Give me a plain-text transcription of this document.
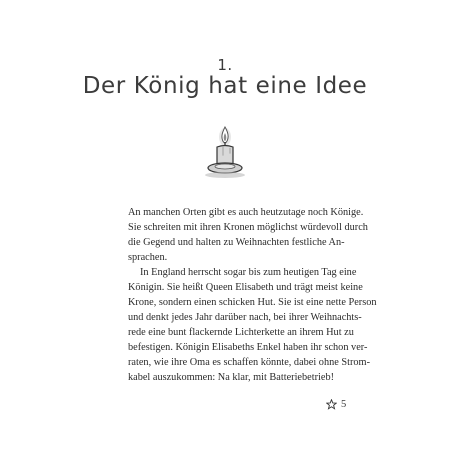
1.
Der König hat eine Idee

An manchen Orten gibt es auch heutzutage noch Könige.
Sie schreiten mit ihren Kronen möglichst würdevoll durch
die Gegend und halten zu Weihnachten festliche An-
sprachen.

In England herrscht sogar bis zum heutigen Tag eine
Königin. Sie heißt Queen Elisabeth und trägt meist keine
Krone, sondern einen schicken Hut. Sie ist eine nette Person
und denkt jedes Jahr darüber nach, bei ihrer Weihnachts-
rede eine bunt flackernde Lichterkette an ihrem Hut zu
befestigen. Königin Elisabeths Enkel haben ihr schon ver-
raten, wie ihre Oma es schaffen könnte, dabei ohne Strom-
kabel auszukommen: Na klar, mit Batteriebetrieb!

5
